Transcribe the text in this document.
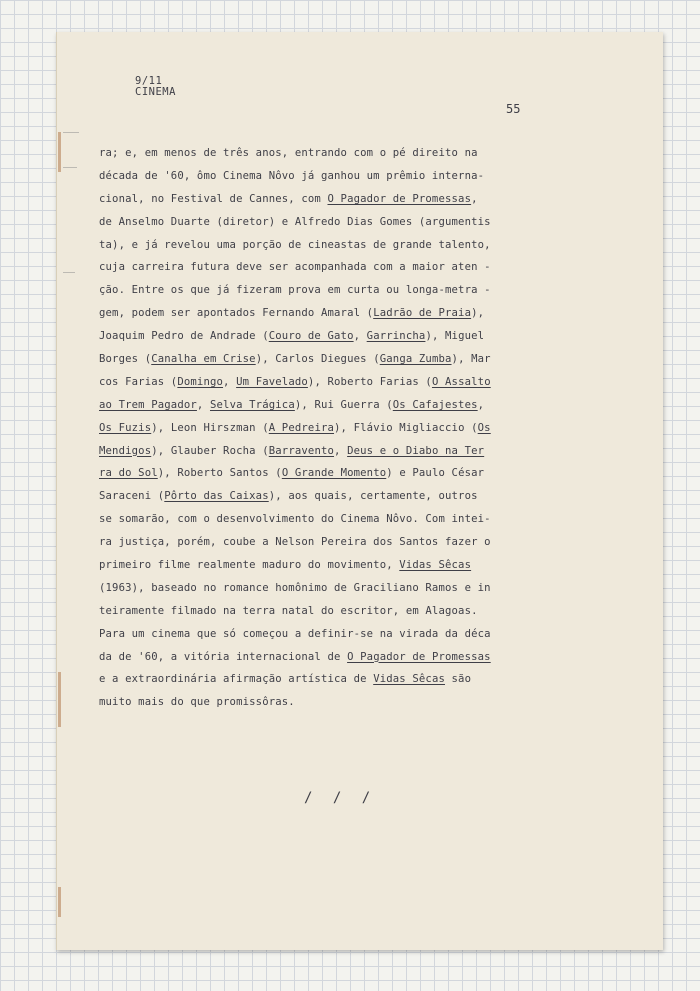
9/11
CINEMA
55
ra; e, em menos de três anos, entrando com o pé direito na
década de '60, ômo Cinema Nôvo já ganhou um prêmio interna-
cional, no Festival de Cannes, com O Pagador de Promessas,
de Anselmo Duarte (diretor) e Alfredo Dias Gomes (argumentis
ta), e já revelou uma porção de cineastas de grande talento,
cuja carreira futura deve ser acompanhada com a maior aten -
ção. Entre os que já fizeram prova em curta ou longa-metra -
gem, podem ser apontados Fernando Amaral (Ladrão de Praia),
Joaquim Pedro de Andrade (Couro de Gato, Garrincha), Miguel
Borges (Canalha em Crise), Carlos Diegues (Ganga Zumba), Mar
cos Farias (Domingo, Um Favelado), Roberto Farias (O Assalto
ao Trem Pagador, Selva Trágica), Rui Guerra (Os Cafajestes,
Os Fuzis), Leon Hirszman (A Pedreira), Flávio Migliaccio (Os
Mendigos), Glauber Rocha (Barravento, Deus e o Diabo na Ter
ra do Sol), Roberto Santos (O Grande Momento) e Paulo César
Saraceni (Pôrto das Caixas), aos quais, certamente, outros
se somarão, com o desenvolvimento do Cinema Nôvo. Com intei-
ra justiça, porém, coube a Nelson Pereira dos Santos fazer o
primeiro filme realmente maduro do movimento, Vidas Sêcas
(1963), baseado no romance homônimo de Graciliano Ramos e in
teiramente filmado na terra natal do escritor, em Alagoas.
Para um cinema que só começou a definir-se na virada da déca
da de '60, a vitória internacional de O Pagador de Promessas
e a extraordinária afirmação artística de Vidas Sêcas são
muito mais do que promissôras.
/ / /
